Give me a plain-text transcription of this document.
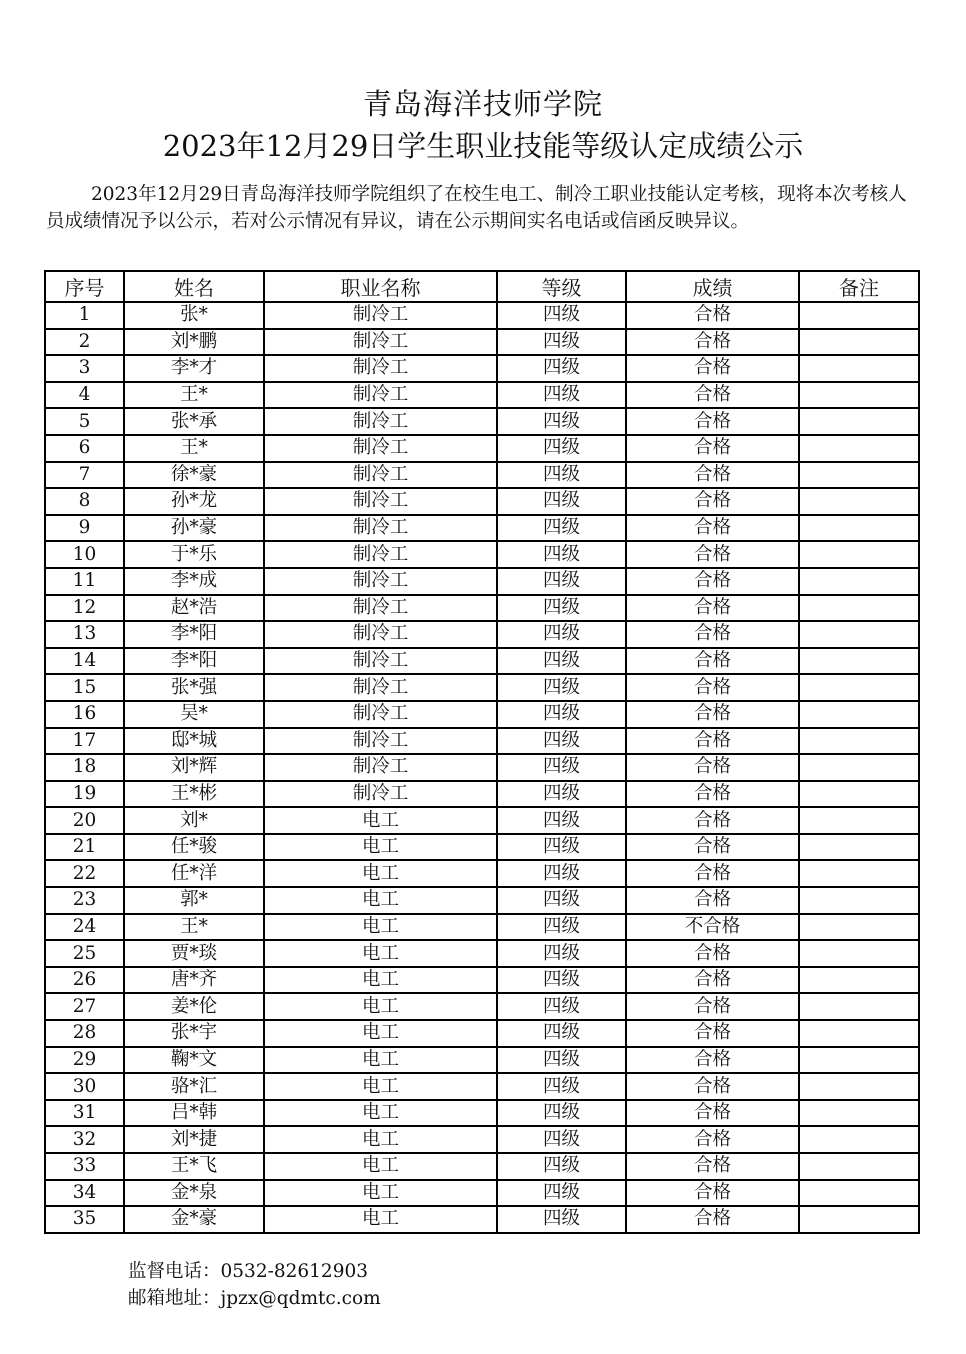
青岛海洋技师学院
2023年12月29日学生职业技能等级认定成绩公示
2023年12月29日青岛海洋技师学院组织了在校生电工、制冷工职业技能认定考核，现将本次考核人员成绩情况予以公示，若对公示情况有异议，请在公示期间实名电话或信函反映异议。
序号	姓名	职业名称	等级	成绩	备注
1	张*	制冷工	四级	合格	
2	刘*鹏	制冷工	四级	合格	
3	李*才	制冷工	四级	合格	
4	王*	制冷工	四级	合格	
5	张*承	制冷工	四级	合格	
6	王*	制冷工	四级	合格	
7	徐*豪	制冷工	四级	合格	
8	孙*龙	制冷工	四级	合格	
9	孙*豪	制冷工	四级	合格	
10	于*乐	制冷工	四级	合格	
11	李*成	制冷工	四级	合格	
12	赵*浩	制冷工	四级	合格	
13	李*阳	制冷工	四级	合格	
14	李*阳	制冷工	四级	合格	
15	张*强	制冷工	四级	合格	
16	吴*	制冷工	四级	合格	
17	邸*城	制冷工	四级	合格	
18	刘*辉	制冷工	四级	合格	
19	王*彬	制冷工	四级	合格	
20	刘*	电工	四级	合格	
21	任*骏	电工	四级	合格	
22	任*洋	电工	四级	合格	
23	郭*	电工	四级	合格	
24	王*	电工	四级	不合格	
25	贾*琰	电工	四级	合格	
26	唐*齐	电工	四级	合格	
27	姜*伦	电工	四级	合格	
28	张*宇	电工	四级	合格	
29	鞠*文	电工	四级	合格	
30	骆*汇	电工	四级	合格	
31	吕*韩	电工	四级	合格	
32	刘*捷	电工	四级	合格	
33	王*飞	电工	四级	合格	
34	金*泉	电工	四级	合格	
35	金*豪	电工	四级	合格	
监督电话：0532-82612903
邮箱地址：jpzx@qdmtc.com
